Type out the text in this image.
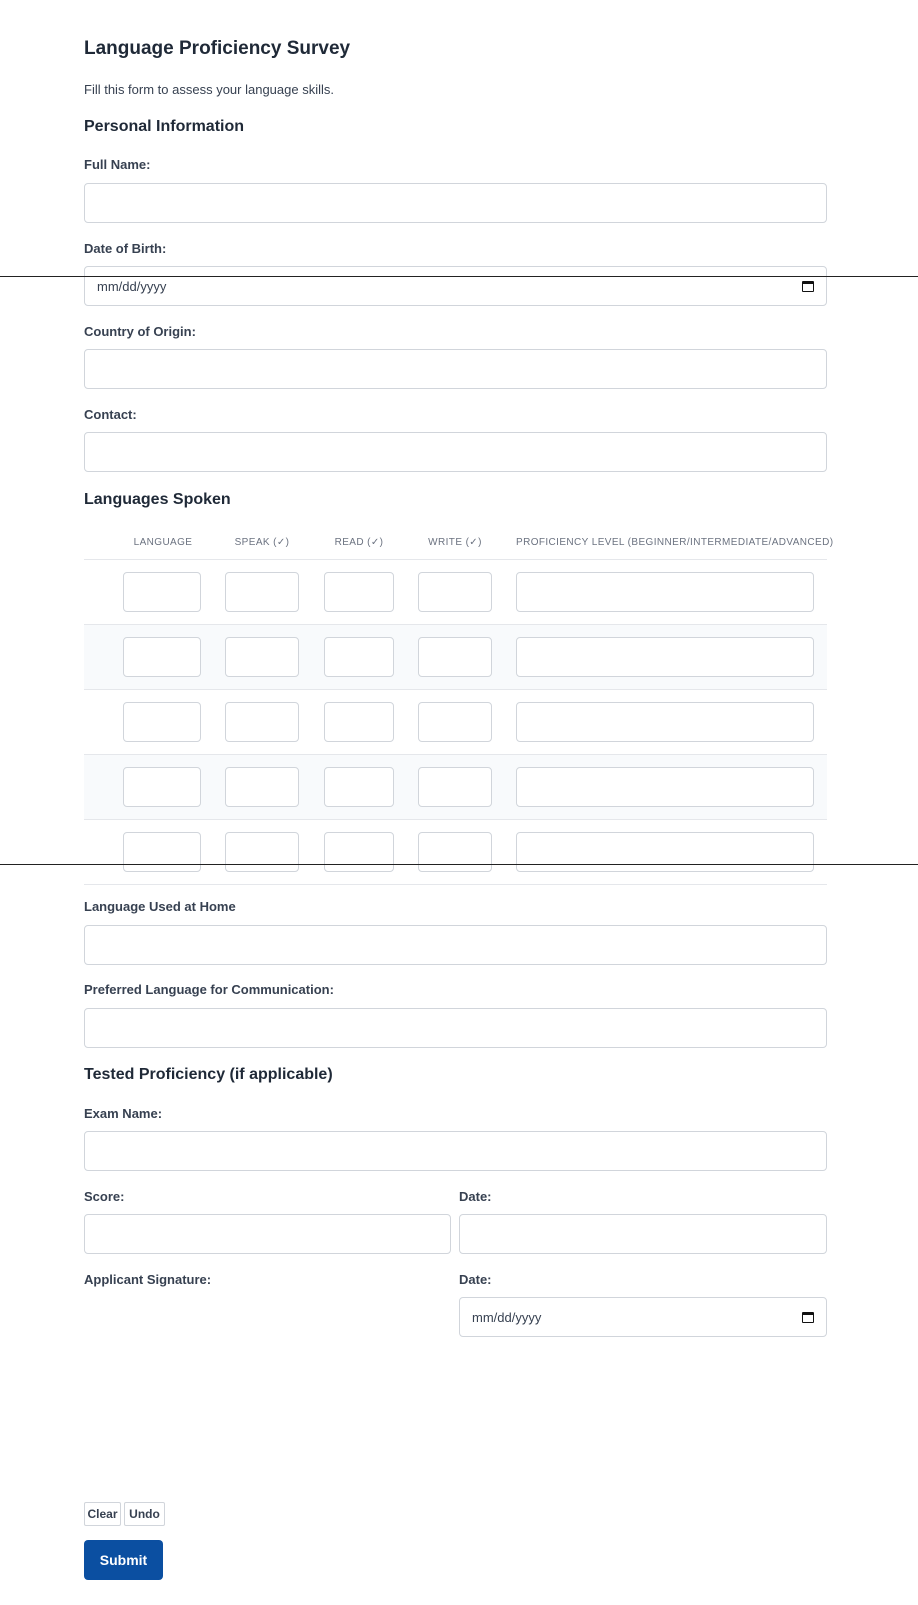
Language Proficiency Survey
Fill this form to assess your language skills.
Personal Information
Full Name:
Date of Birth:
mm/dd/yyyy
Country of Origin:
Contact:
Languages Spoken
LANGUAGE	SPEAK (✓)	READ (✓)	WRITE (✓)	PROFICIENCY LEVEL (BEGINNER/INTERMEDIATE/ADVANCED)
Language Used at Home
Preferred Language for Communication:
Tested Proficiency (if applicable)
Exam Name:
Score:	Date:
Applicant Signature:	Date:
mm/dd/yyyy
Clear Undo
Submit
